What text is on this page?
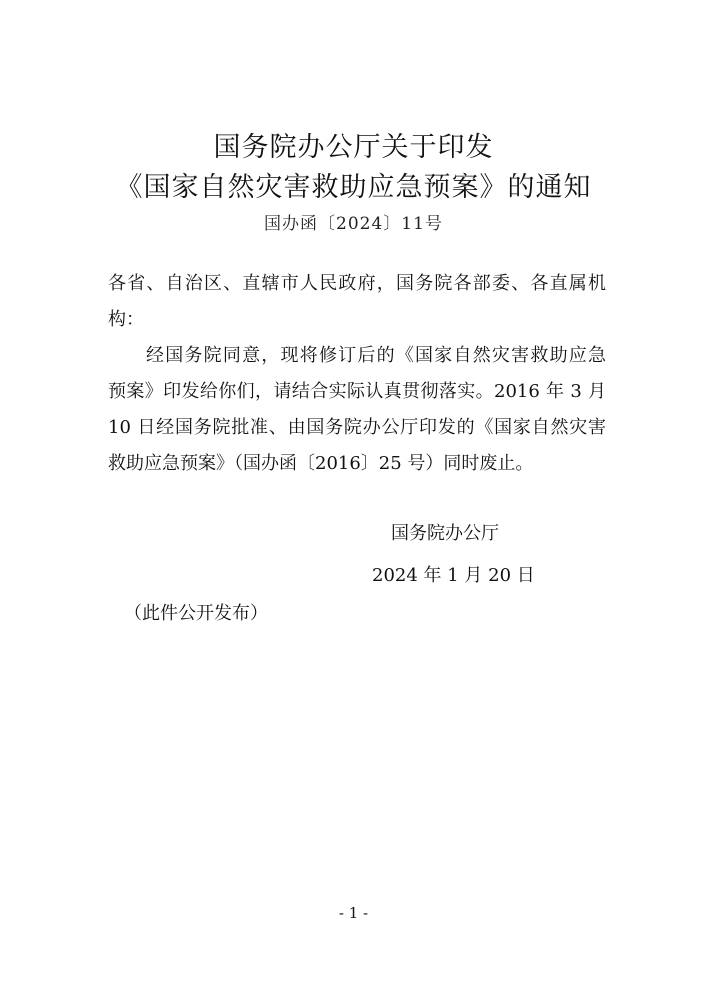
国务院办公厅关于印发
《国家自然灾害救助应急预案》的通知
国办函〔2024〕11号
各省、自治区、直辖市人民政府，国务院各部委、各直属机
构：
经国务院同意，现将修订后的《国家自然灾害救助应急
预案》印发给你们，请结合实际认真贯彻落实。2016 年 3 月
10 日经国务院批准、由国务院办公厅印发的《国家自然灾害
救助应急预案》（国办函〔2016〕25 号）同时废止。
国务院办公厅
2024 年 1 月 20 日
（此件公开发布）
- 1 -
